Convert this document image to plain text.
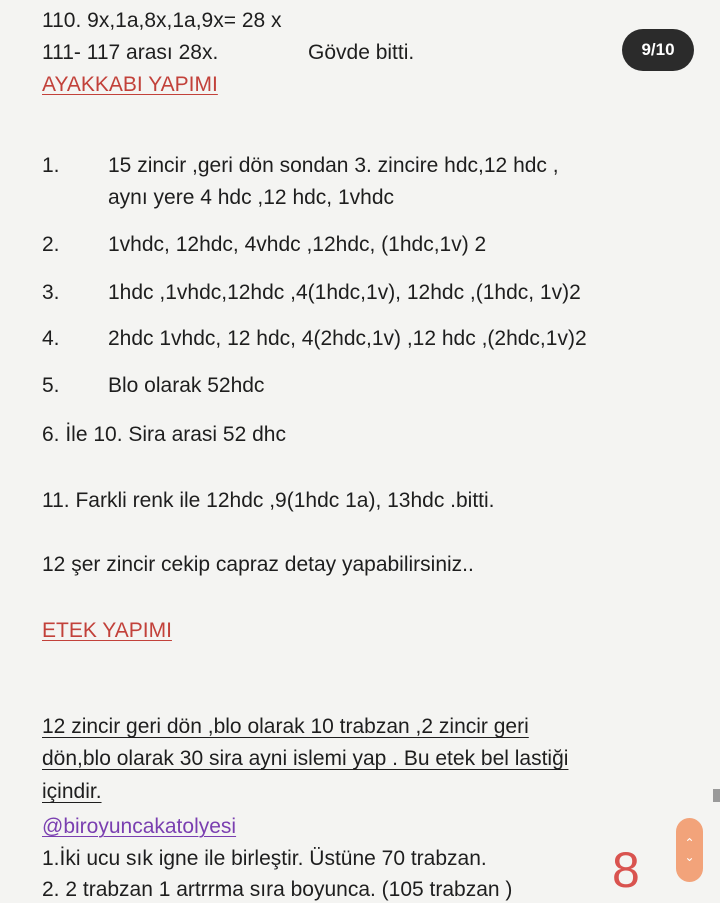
9/10
110. 9x,1a,8x,1a,9x= 28 x
111- 117 arası 28x.	Gövde bitti.
AYAKKABI YAPIMI
1. 15 zincir ,geri dön sondan 3. zincire hdc,12 hdc ,
aynı yere 4 hdc ,12 hdc, 1vhdc
2. 1vhdc, 12hdc, 4vhdc ,12hdc, (1hdc,1v) 2
3. 1hdc ,1vhdc,12hdc ,4(1hdc,1v), 12hdc ,(1hdc, 1v)2
4. 2hdc 1vhdc, 12 hdc, 4(2hdc,1v) ,12 hdc ,(2hdc,1v)2
5. Blo olarak 52hdc
6. İle 10. Sira arasi 52 dhc
11. Farkli renk ile 12hdc ,9(1hdc 1a), 13hdc .bitti.
12 şer zincir cekip capraz detay yapabilirsiniz..
ETEK YAPIMI
12 zincir geri dön ,blo olarak 10 trabzan ,2 zincir geri
dön,blo olarak 30 sira ayni islemi yap . Bu etek bel lastiği
içindir.
@biroyuncakatolyesi
1.İki ucu sık igne ile birleştir. Üstüne 70 trabzan.
2. 2 trabzan 1 artrrma sıra boyunca. (105 trabzan ) 8	⌃
⌄
